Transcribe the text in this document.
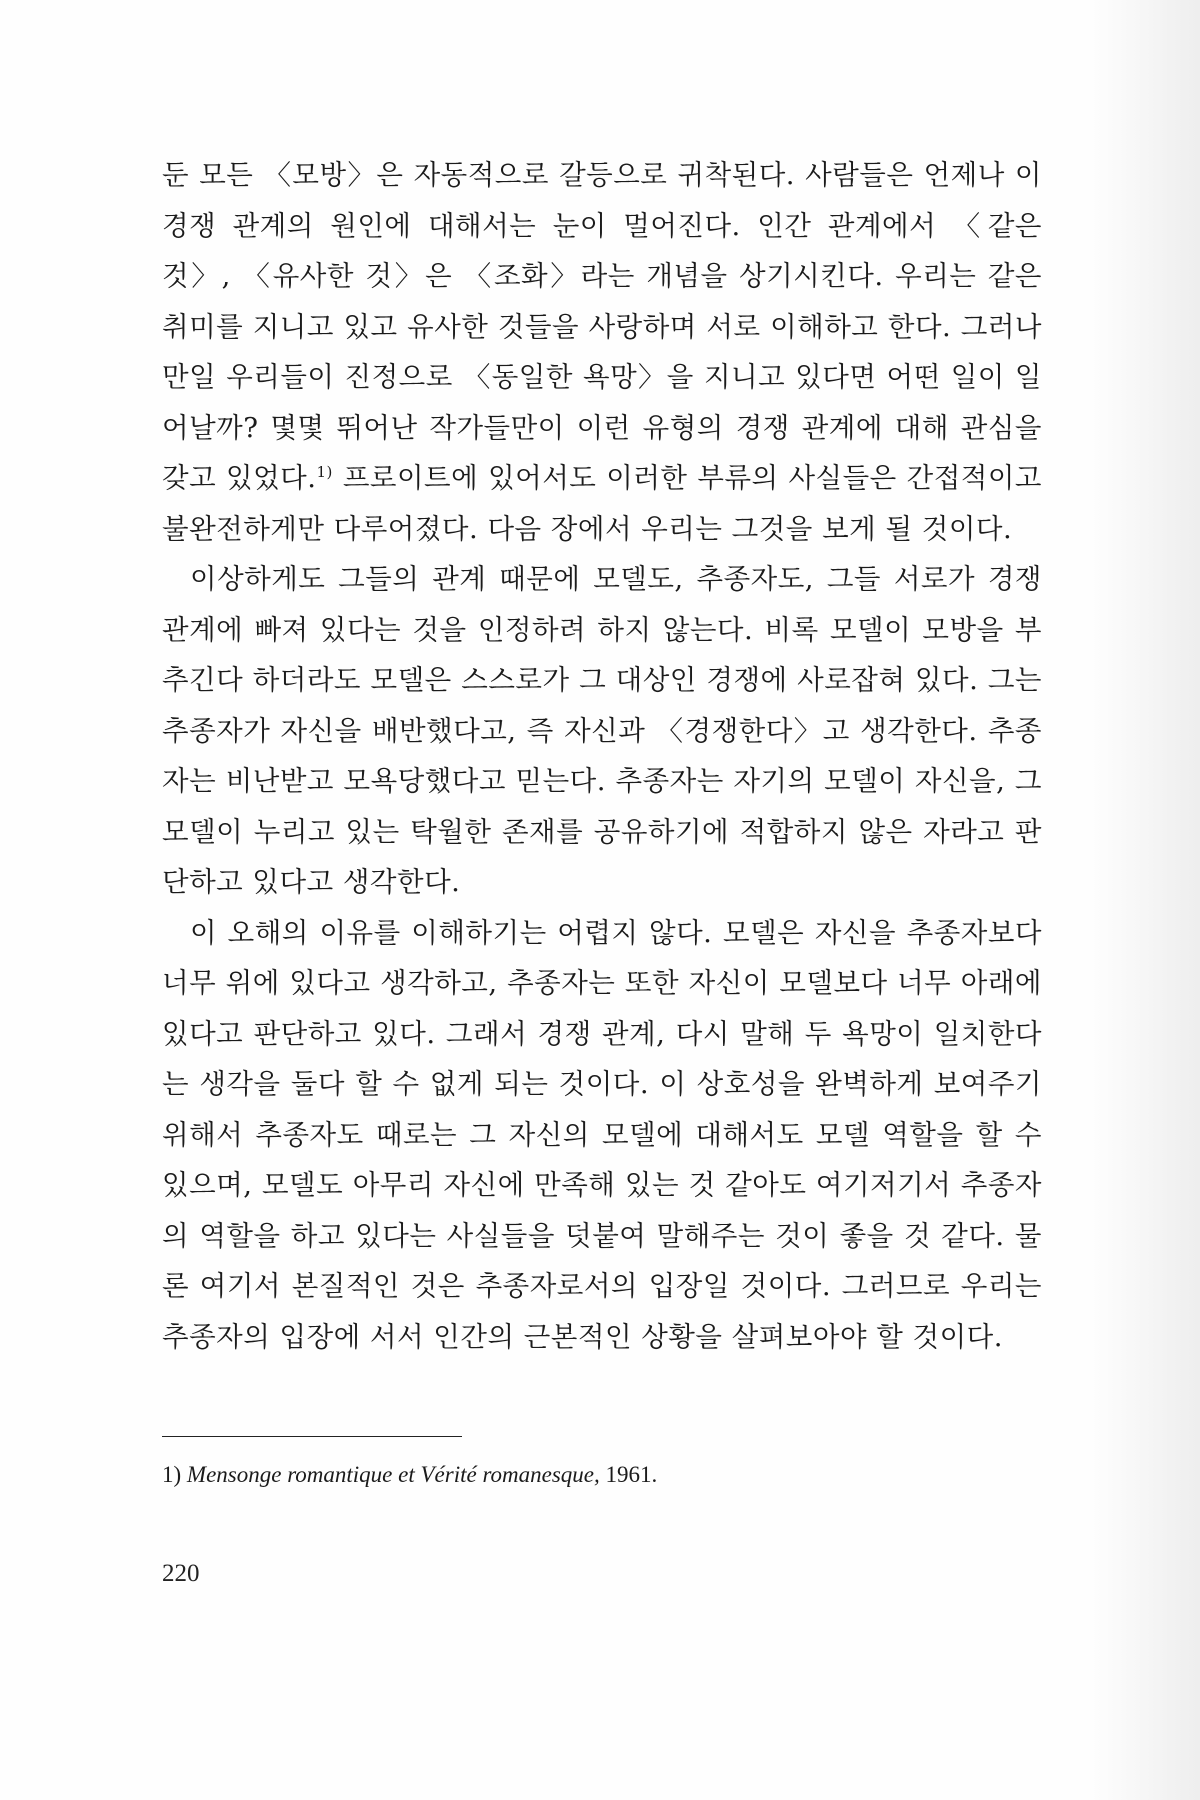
둔 모든 〈모방〉은 자동적으로 갈등으로 귀착된다. 사람들은 언제나 이 경쟁 관계의 원인에 대해서는 눈이 멀어진다. 인간 관계에서 〈같은 것〉, 〈유사한 것〉은 〈조화〉라는 개념을 상기시킨다. 우리는 같은 취미를 지니고 있고 유사한 것들을 사랑하며 서로 이해하고 한다. 그러나 만일 우리들이 진정으로 〈동일한 욕망〉을 지니고 있다면 어떤 일이 일어날까? 몇몇 뛰어난 작가들만이 이런 유형의 경쟁 관계에 대해 관심을 갖고 있었다.$^{1)}$ 프로이트에 있어서도 이러한 부류의 사실들은 간접적이고 불완전하게만 다루어졌다. 다음 장에서 우리는 그것을 보게 될 것이다.

이상하게도 그들의 관계 때문에 모델도, 추종자도, 그들 서로가 경쟁 관계에 빠져 있다는 것을 인정하려 하지 않는다. 비록 모델이 모방을 부추긴다 하더라도 모델은 스스로가 그 대상인 경쟁에 사로잡혀 있다. 그는 추종자가 자신을 배반했다고, 즉 자신과 〈경쟁한다〉고 생각한다. 추종자는 비난받고 모욕당했다고 믿는다. 추종자는 자기의 모델이 자신을, 그 모델이 누리고 있는 탁월한 존재를 공유하기에 적합하지 않은 자라고 판단하고 있다고 생각한다.

이 오해의 이유를 이해하기는 어렵지 않다. 모델은 자신을 추종자보다 너무 위에 있다고 생각하고, 추종자는 또한 자신이 모델보다 너무 아래에 있다고 판단하고 있다. 그래서 경쟁 관계, 다시 말해 두 욕망이 일치한다는 생각을 둘다 할 수 없게 되는 것이다. 이 상호성을 완벽하게 보여주기 위해서 추종자도 때로는 그 자신의 모델에 대해서도 모델 역할을 할 수 있으며, 모델도 아무리 자신에 만족해 있는 것 같아도 여기저기서 추종자의 역할을 하고 있다는 사실들을 덧붙여 말해주는 것이 좋을 것 같다. 물론 여기서 본질적인 것은 추종자로서의 입장일 것이다. 그러므로 우리는 추종자의 입장에 서서 인간의 근본적인 상황을 살펴보아야 할 것이다.

1) Mensonge romantique et Vérité romanesque, 1961.
220
